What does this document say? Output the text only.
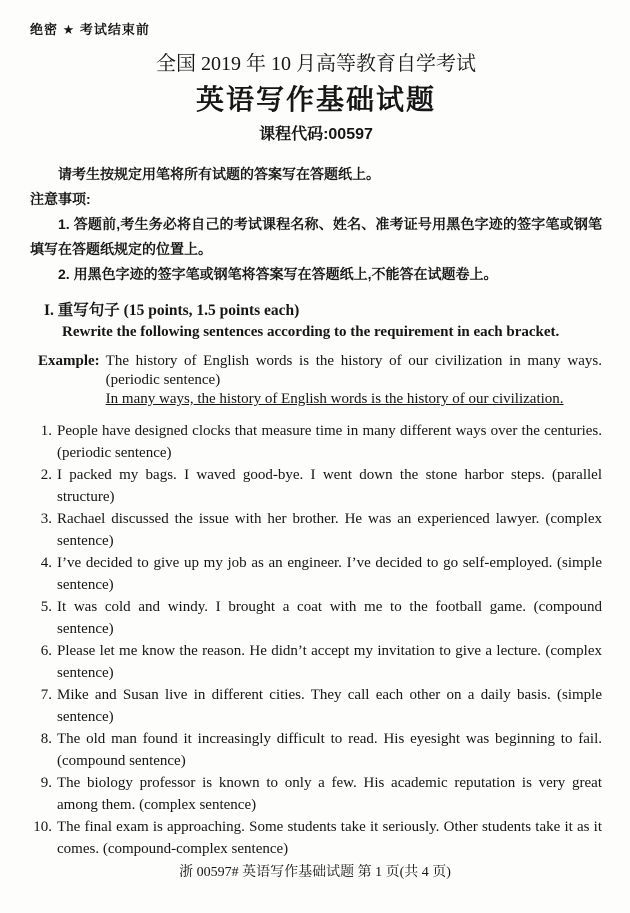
绝密 ★ 考试结束前
全国 2019 年 10 月高等教育自学考试
英语写作基础试题
课程代码:00597

请考生按规定用笔将所有试题的答案写在答题纸上。

注意事项:

1. 答题前,考生务必将自己的考试课程名称、姓名、准考证号用黑色字迹的签字笔或钢笔填写在答题纸规定的位置上。

2. 用黑色字迹的签字笔或钢笔将答案写在答题纸上,不能答在试题卷上。

I. 重写句子 (15 points, 1.5 points each)
Rewrite the following sentences according to the requirement in each bracket.
Example: The history of English words is the history of our civilization in many ways. (periodic sentence)

In many ways, the history of English words is the history of our civilization.

1. People have designed clocks that measure time in many different ways over the centuries. (periodic sentence)
2. I packed my bags. I waved good-bye. I went down the stone harbor steps. (parallel structure)
3. Rachael discussed the issue with her brother. He was an experienced lawyer. (complex sentence)
4. I’ve decided to give up my job as an engineer. I’ve decided to go self-employed. (simple sentence)
5. It was cold and windy. I brought a coat with me to the football game. (compound sentence)
6. Please let me know the reason. He didn’t accept my invitation to give a lecture. (complex sentence)
7. Mike and Susan live in different cities. They call each other on a daily basis. (simple sentence)
8. The old man found it increasingly difficult to read. His eyesight was beginning to fail. (compound sentence)
9. The biology professor is known to only a few. His academic reputation is very great among them. (complex sentence)
10. The final exam is approaching. Some students take it seriously. Other students take it as it comes. (compound-complex sentence)
浙 00597# 英语写作基础试题 第 1 页(共 4 页)
